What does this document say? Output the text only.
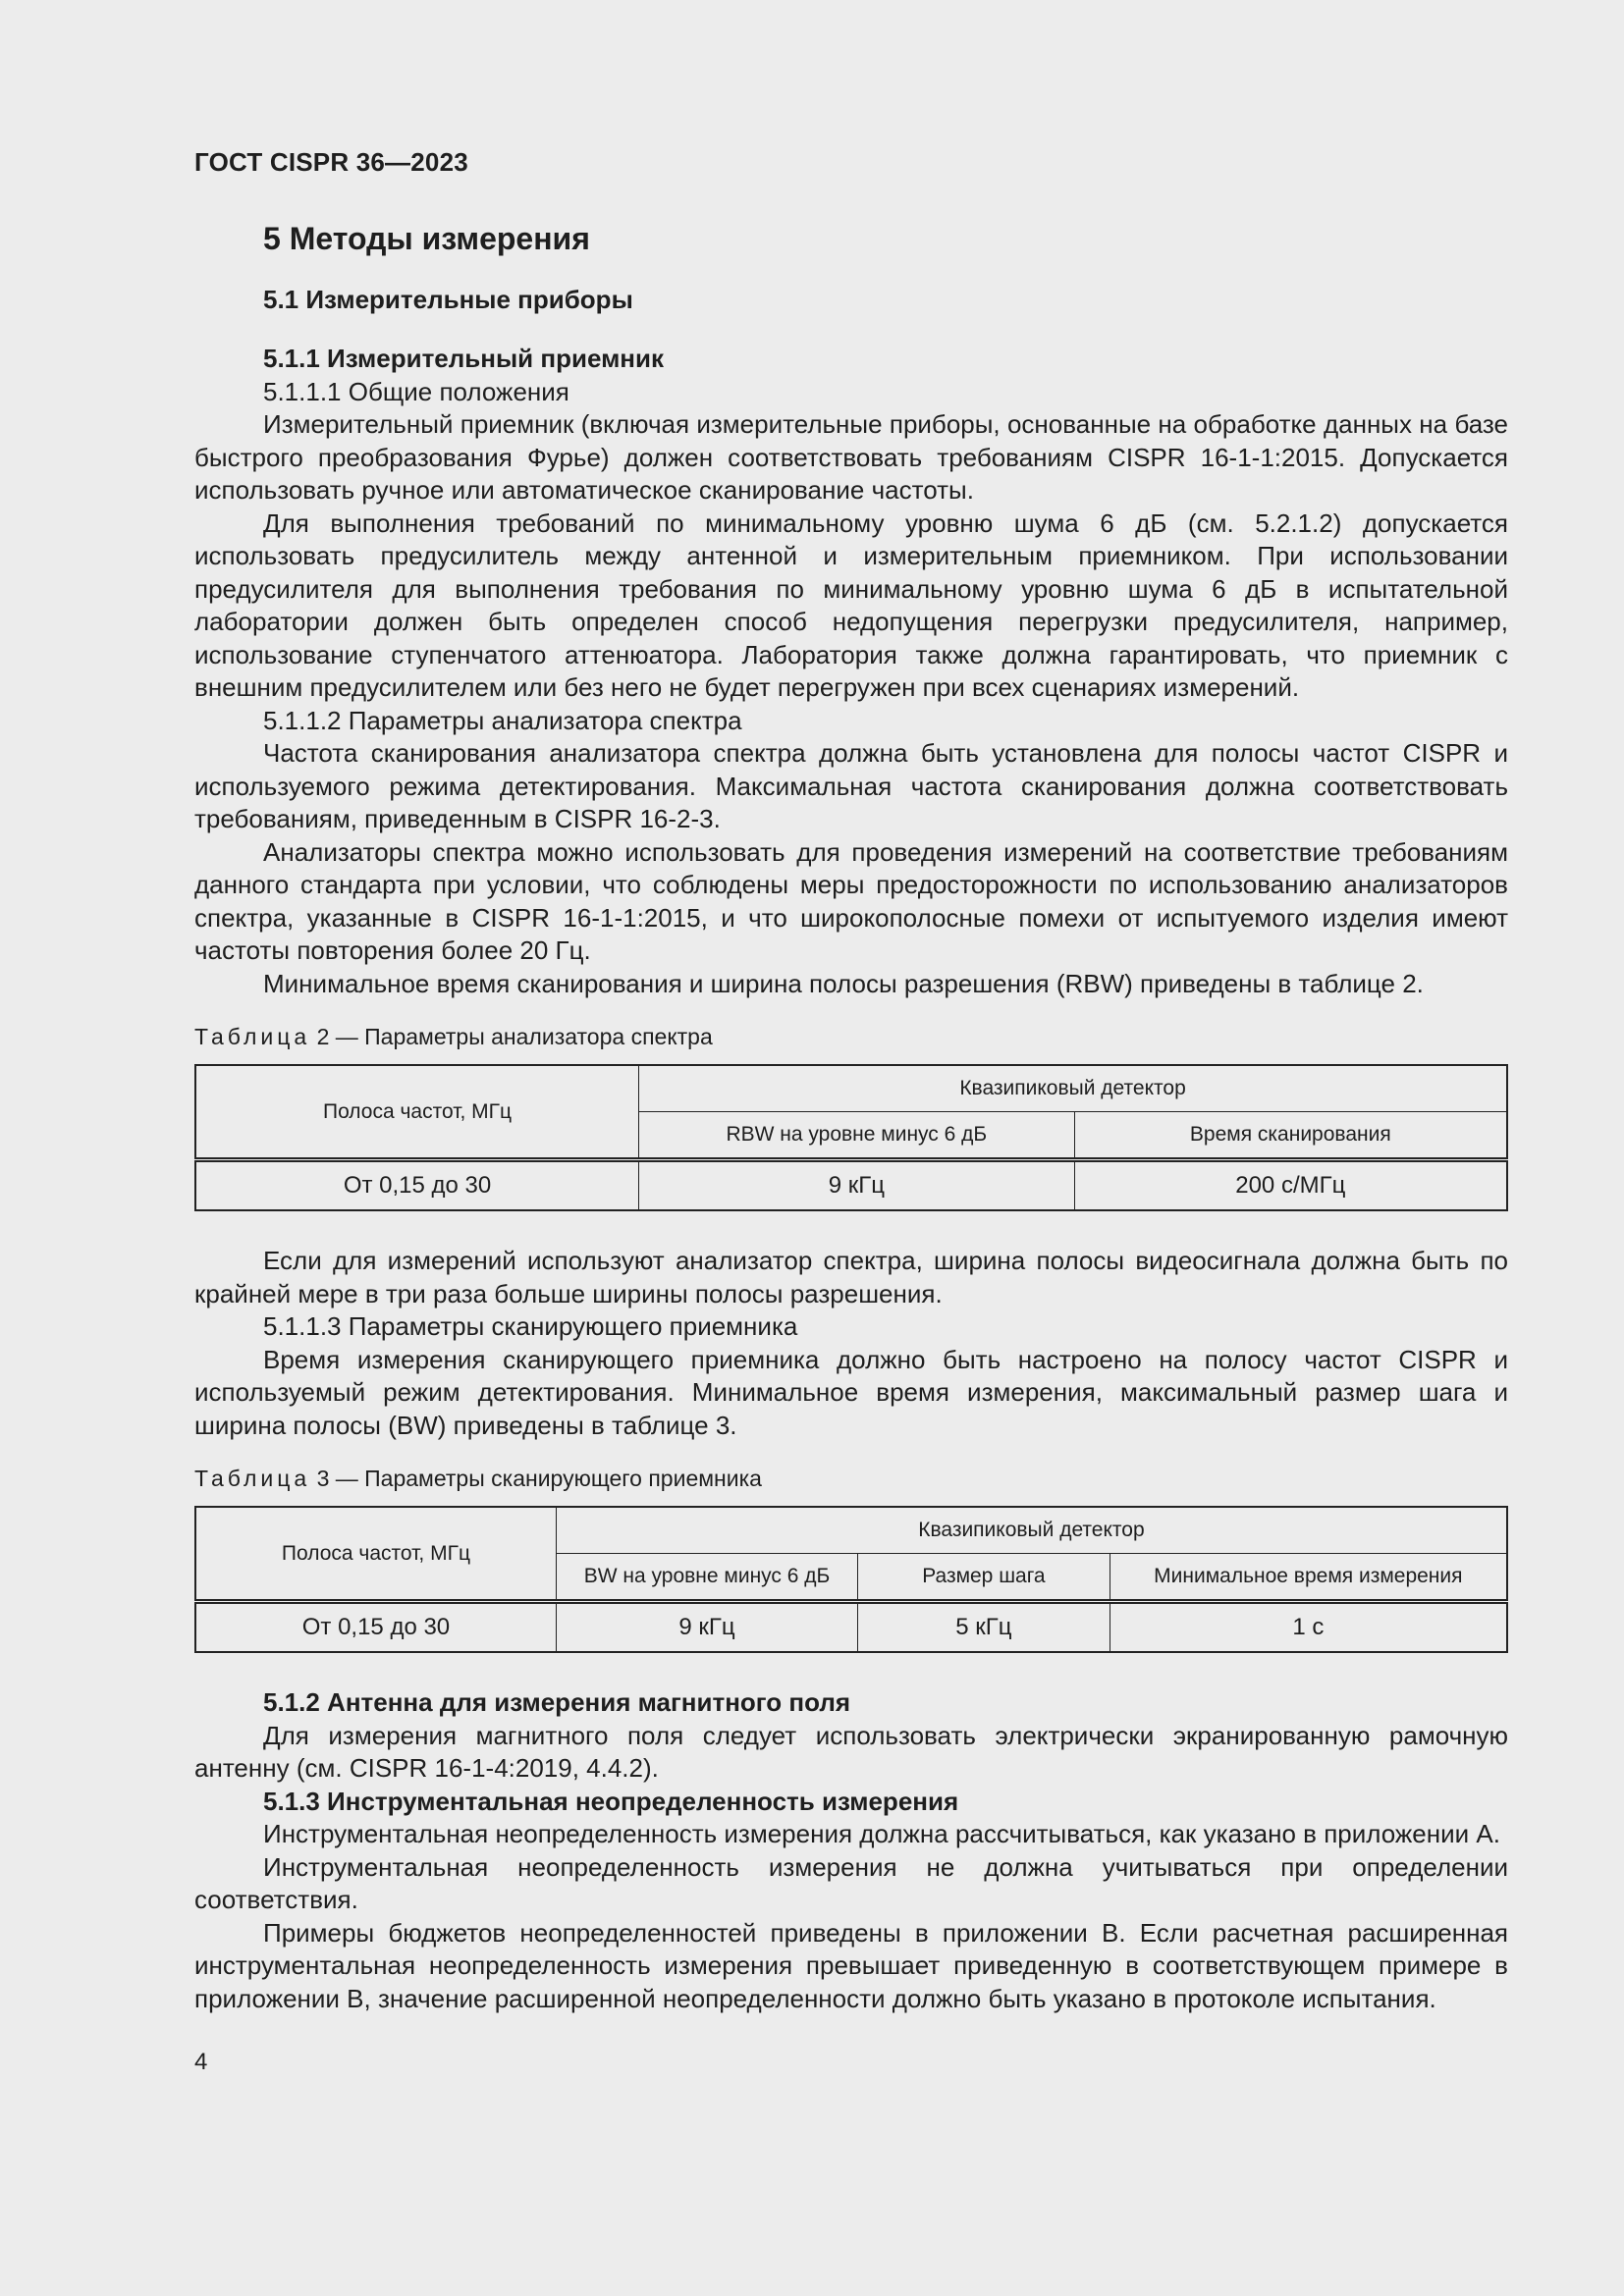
ГОСТ CISPR 36—2023
5 Методы измерения
5.1 Измерительные приборы
5.1.1 Измерительный приемник
5.1.1.1 Общие положения

Измерительный приемник (включая измерительные приборы, основанные на обработке данных на базе быстрого преобразования Фурье) должен соответствовать требованиям CISPR 16-1-1:2015. Допускается использовать ручное или автоматическое сканирование частоты.

Для выполнения требований по минимальному уровню шума 6 дБ (см. 5.2.1.2) допускается использовать предусилитель между антенной и измерительным приемником. При использовании предусилителя для выполнения требования по минимальному уровню шума 6 дБ в испытательной лаборатории должен быть определен способ недопущения перегрузки предусилителя, например, использование ступенчатого аттенюатора. Лаборатория также должна гарантировать, что приемник с внешним предусилителем или без него не будет перегружен при всех сценариях измерений.

5.1.1.2 Параметры анализатора спектра

Частота сканирования анализатора спектра должна быть установлена для полосы частот CISPR и используемого режима детектирования. Максимальная частота сканирования должна соответствовать требованиям, приведенным в CISPR 16-2-3.

Анализаторы спектра можно использовать для проведения измерений на соответствие требованиям данного стандарта при условии, что соблюдены меры предосторожности по использованию анализаторов спектра, указанные в CISPR 16-1-1:2015, и что широкополосные помехи от испытуемого изделия имеют частоты повторения более 20 Гц.

Минимальное время сканирования и ширина полосы разрешения (RBW) приведены в таблице 2.

Таблица 2 — Параметры анализатора спектра
Полоса частот, МГц	Квазипиковый детектор	
	RBW на уровне минус 6 дБ	Время сканирования
От 0,15 до 30	9 кГц	200 с/МГц

Если для измерений используют анализатор спектра, ширина полосы видеосигнала должна быть по крайней мере в три раза больше ширины полосы разрешения.

5.1.1.3 Параметры сканирующего приемника

Время измерения сканирующего приемника должно быть настроено на полосу частот CISPR и используемый режим детектирования. Минимальное время измерения, максимальный размер шага и ширина полосы (BW) приведены в таблице 3.

Таблица 3 — Параметры сканирующего приемника
Полоса частот, МГц	Квазипиковый детектор		
	BW на уровне минус 6 дБ	Размер шага	Минимальное время измерения
От 0,15 до 30	9 кГц	5 кГц	1 с
5.1.2 Антенна для измерения магнитного поля

Для измерения магнитного поля следует использовать электрически экранированную рамочную антенну (см. CISPR 16-1-4:2019, 4.4.2).

5.1.3 Инструментальная неопределенность измерения

Инструментальная неопределенность измерения должна рассчитываться, как указано в приложении А.

Инструментальная неопределенность измерения не должна учитываться при определении соответствия.

Примеры бюджетов неопределенностей приведены в приложении В. Если расчетная расширенная инструментальная неопределенность измерения превышает приведенную в соответствующем примере в приложении В, значение расширенной неопределенности должно быть указано в протоколе испытания.

4
